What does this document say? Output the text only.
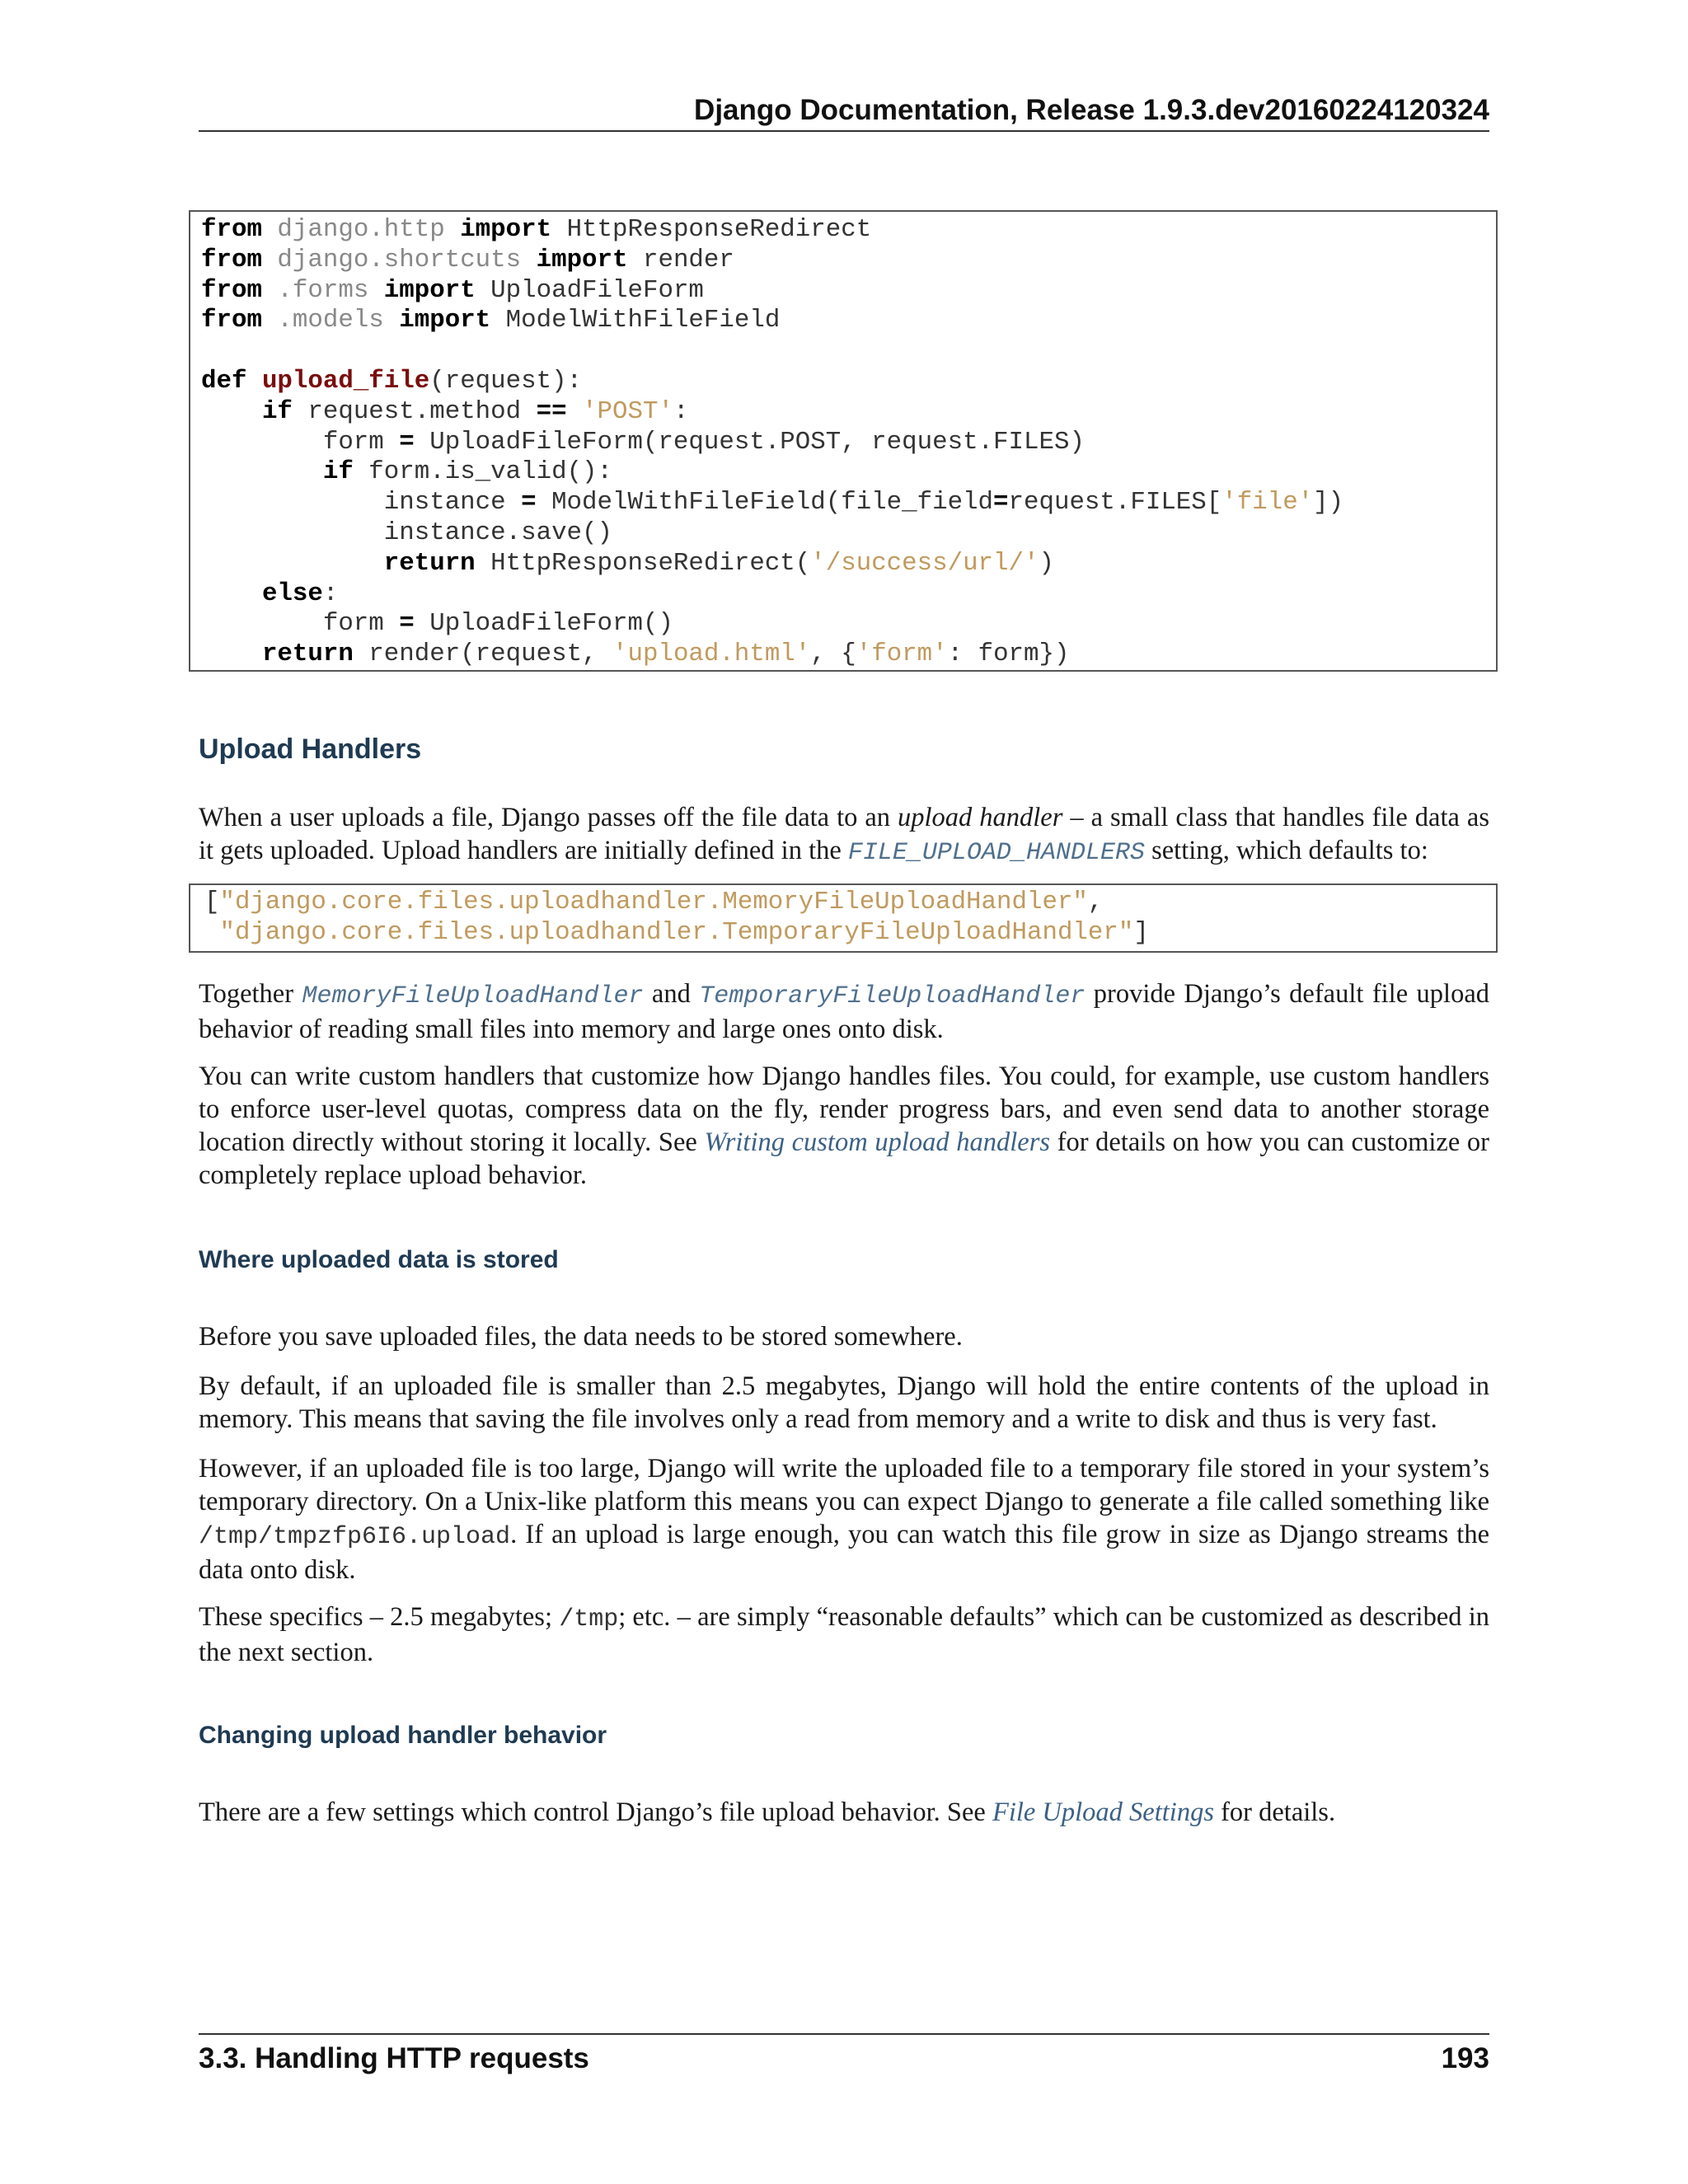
Django Documentation, Release 1.9.3.dev20160224120324
from django.http import HttpResponseRedirect
from django.shortcuts import render
from .forms import UploadFileForm
from .models import ModelWithFileField
def upload_file(request):
if request.method == 'POST':
form = UploadFileForm(request.POST, request.FILES)
if form.is_valid():
instance = ModelWithFileField(file_field=request.FILES['file'])
instance.save()
return HttpResponseRedirect('/success/url/')
else:
form = UploadFileForm()
return render(request, 'upload.html', {'form': form})
Upload Handlers
When a user uploads a file, Django passes off the file data to an upload handler – a small class that handles file data as it gets uploaded. Upload handlers are initially defined in the FILE_UPLOAD_HANDLERS setting, which defaults to:
["django.core.files.uploadhandler.MemoryFileUploadHandler",
"django.core.files.uploadhandler.TemporaryFileUploadHandler"]
Together MemoryFileUploadHandler and TemporaryFileUploadHandler provide Django’s default file upload behavior of reading small files into memory and large ones onto disk.
You can write custom handlers that customize how Django handles files. You could, for example, use custom handlers to enforce user-level quotas, compress data on the fly, render progress bars, and even send data to another storage location directly without storing it locally. See Writing custom upload handlers for details on how you can customize or completely replace upload behavior.
Where uploaded data is stored
Before you save uploaded files, the data needs to be stored somewhere.
By default, if an uploaded file is smaller than 2.5 megabytes, Django will hold the entire contents of the upload in memory. This means that saving the file involves only a read from memory and a write to disk and thus is very fast.
However, if an uploaded file is too large, Django will write the uploaded file to a temporary file stored in your system’s temporary directory. On a Unix-like platform this means you can expect Django to generate a file called something like /tmp/tmpzfp6I6.upload. If an upload is large enough, you can watch this file grow in size as Django streams the data onto disk.
These specifics – 2.5 megabytes; /tmp; etc. – are simply “reasonable defaults” which can be customized as described in the next section.
Changing upload handler behavior
There are a few settings which control Django’s file upload behavior. See File Upload Settings for details.
3.3. Handling HTTP requests	193
